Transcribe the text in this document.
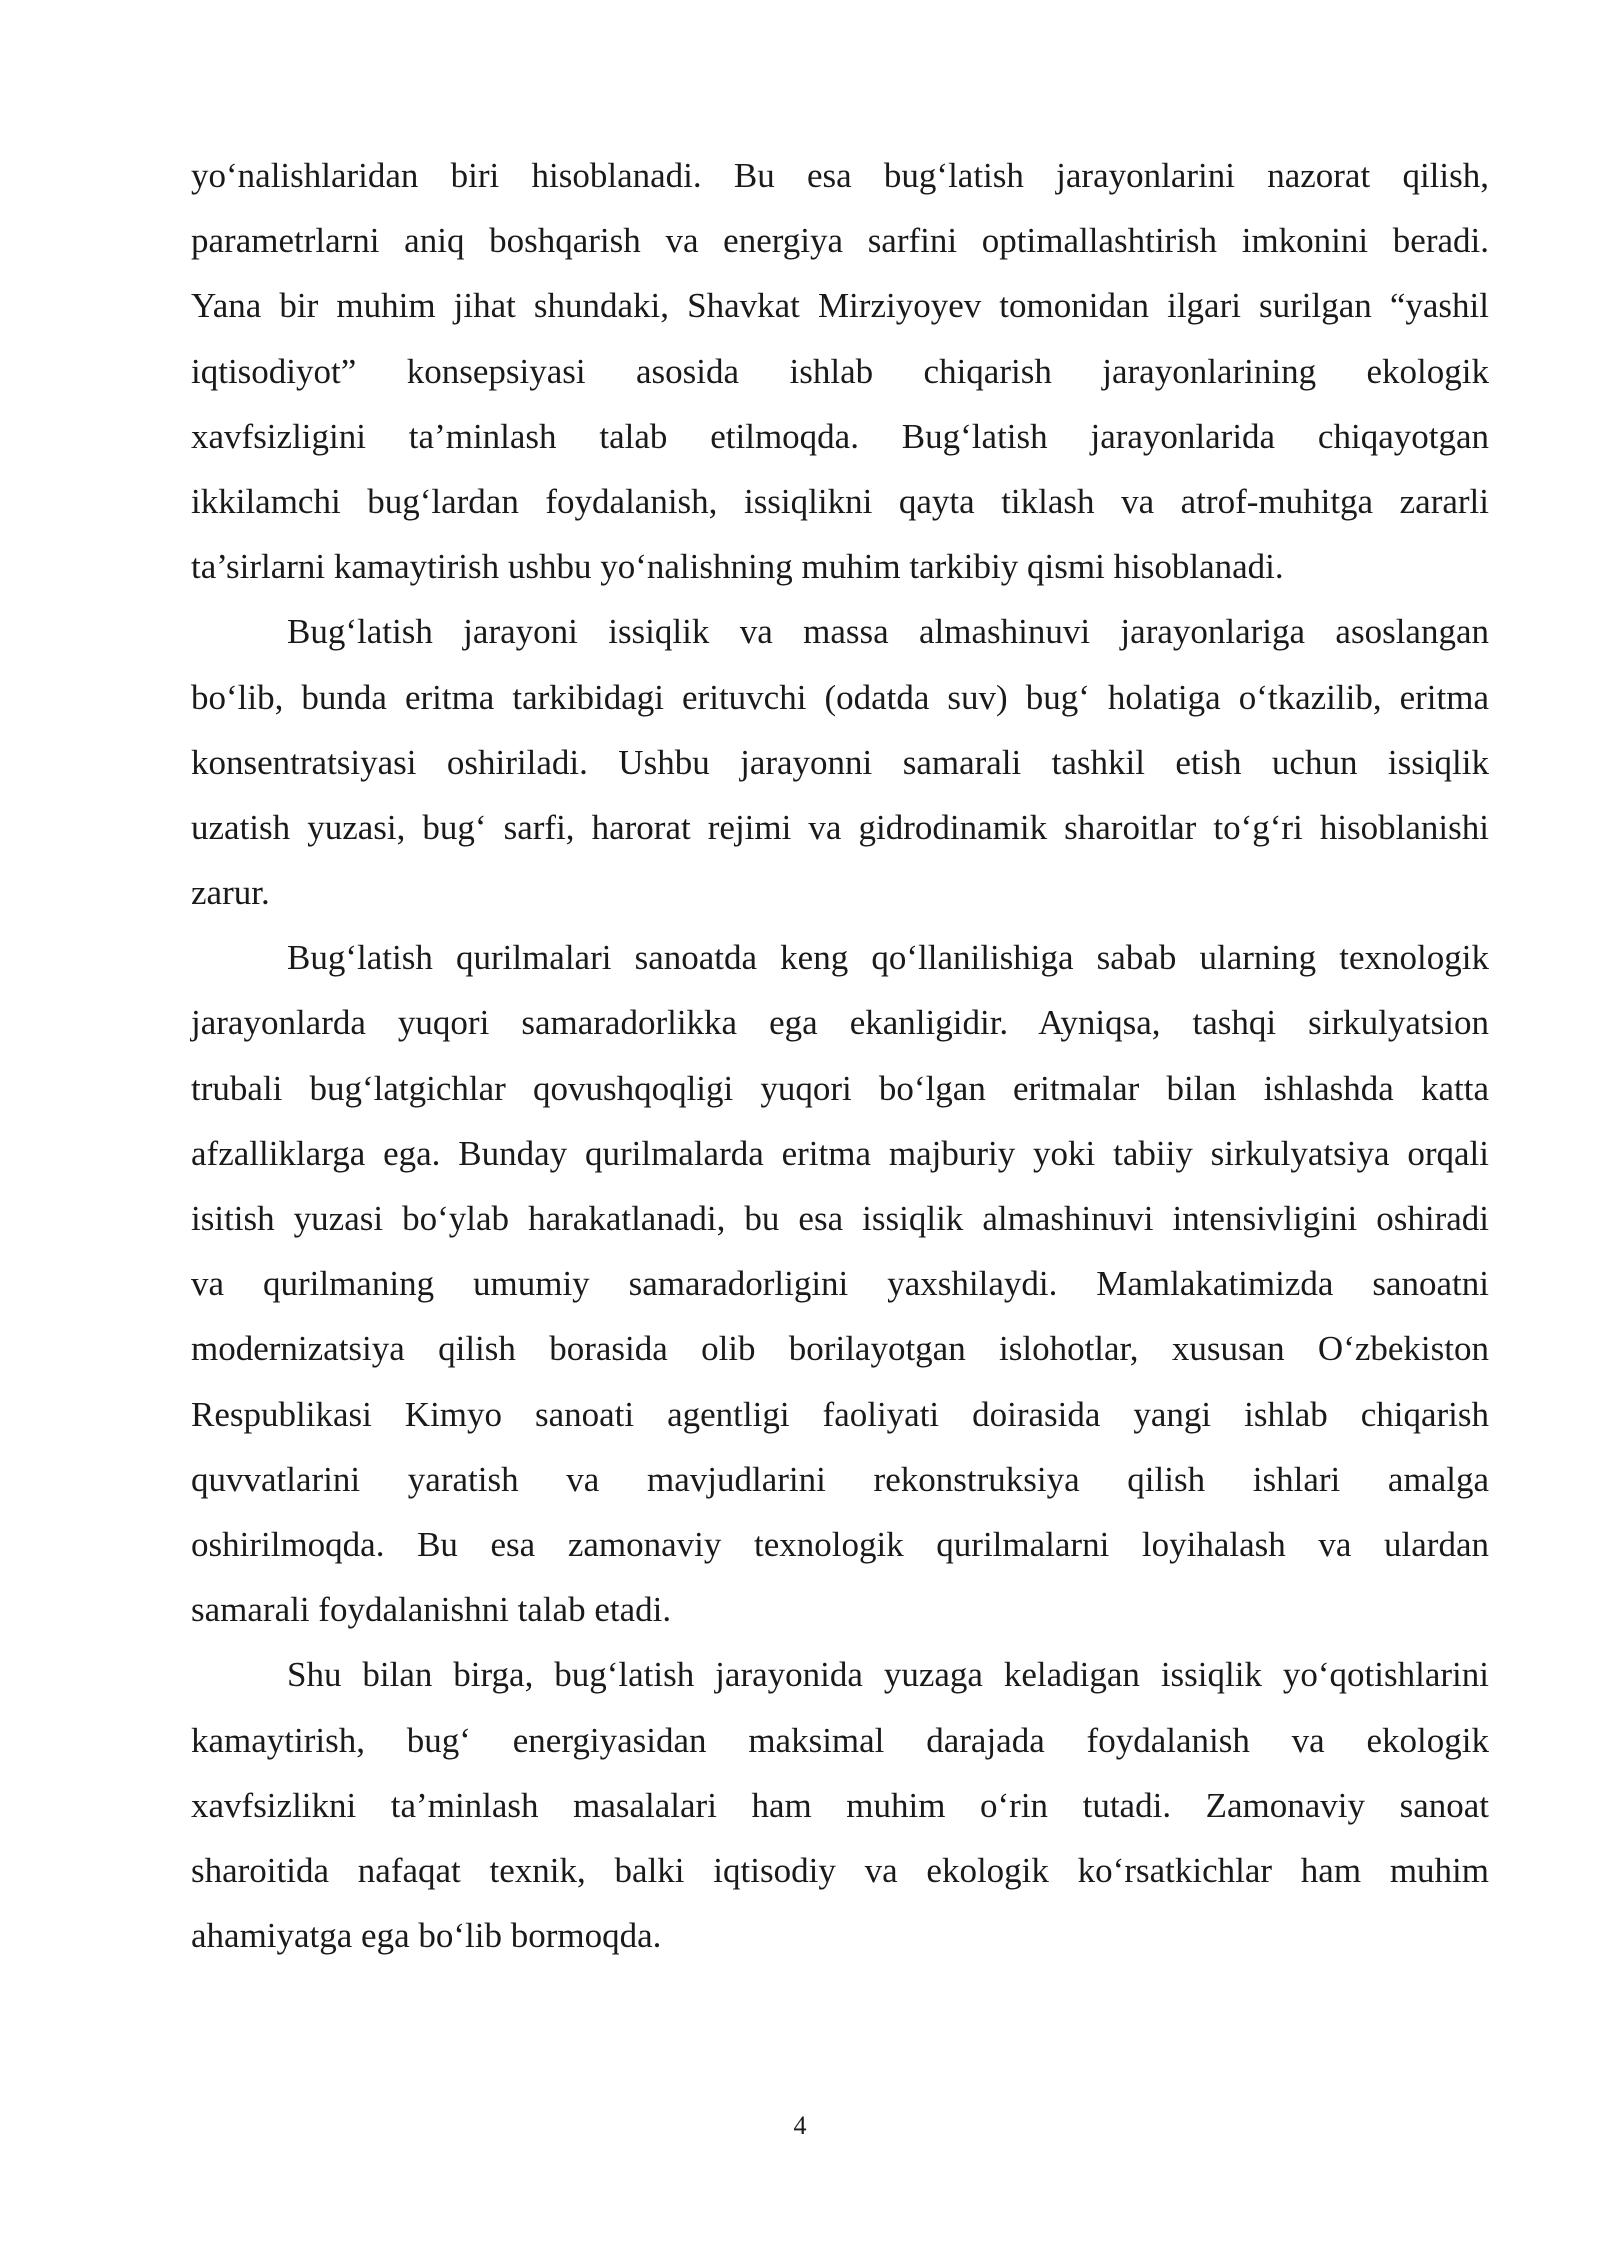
yo‘nalishlaridan biri hisoblanadi. Bu esa bug‘latish jarayonlarini nazorat qilish,
parametrlarni aniq boshqarish va energiya sarfini optimallashtirish imkonini beradi.
Yana bir muhim jihat shundaki, Shavkat Mirziyoyev tomonidan ilgari surilgan “yashil
iqtisodiyot” konsepsiyasi asosida ishlab chiqarish jarayonlarining ekologik
xavfsizligini ta’minlash talab etilmoqda. Bug‘latish jarayonlarida chiqayotgan
ikkilamchi bug‘lardan foydalanish, issiqlikni qayta tiklash va atrof-muhitga zararli
ta’sirlarni kamaytirish ushbu yo‘nalishning muhim tarkibiy qismi hisoblanadi.

Bug‘latish jarayoni issiqlik va massa almashinuvi jarayonlariga asoslangan
bo‘lib, bunda eritma tarkibidagi erituvchi (odatda suv) bug‘ holatiga o‘tkazilib, eritma
konsentratsiyasi oshiriladi. Ushbu jarayonni samarali tashkil etish uchun issiqlik
uzatish yuzasi, bug‘ sarfi, harorat rejimi va gidrodinamik sharoitlar to‘g‘ri hisoblanishi
zarur.

Bug‘latish qurilmalari sanoatda keng qo‘llanilishiga sabab ularning texnologik
jarayonlarda yuqori samaradorlikka ega ekanligidir. Ayniqsa, tashqi sirkulyatsion
trubali bug‘latgichlar qovushqoqligi yuqori bo‘lgan eritmalar bilan ishlashda katta
afzalliklarga ega. Bunday qurilmalarda eritma majburiy yoki tabiiy sirkulyatsiya orqali
isitish yuzasi bo‘ylab harakatlanadi, bu esa issiqlik almashinuvi intensivligini oshiradi
va qurilmaning umumiy samaradorligini yaxshilaydi. Mamlakatimizda sanoatni
modernizatsiya qilish borasida olib borilayotgan islohotlar, xususan O‘zbekiston
Respublikasi Kimyo sanoati agentligi faoliyati doirasida yangi ishlab chiqarish
quvvatlarini yaratish va mavjudlarini rekonstruksiya qilish ishlari amalga
oshirilmoqda. Bu esa zamonaviy texnologik qurilmalarni loyihalash va ulardan
samarali foydalanishni talab etadi.

Shu bilan birga, bug‘latish jarayonida yuzaga keladigan issiqlik yo‘qotishlarini
kamaytirish, bug‘ energiyasidan maksimal darajada foydalanish va ekologik
xavfsizlikni ta’minlash masalalari ham muhim o‘rin tutadi. Zamonaviy sanoat
sharoitida nafaqat texnik, balki iqtisodiy va ekologik ko‘rsatkichlar ham muhim
ahamiyatga ega bo‘lib bormoqda.

4
